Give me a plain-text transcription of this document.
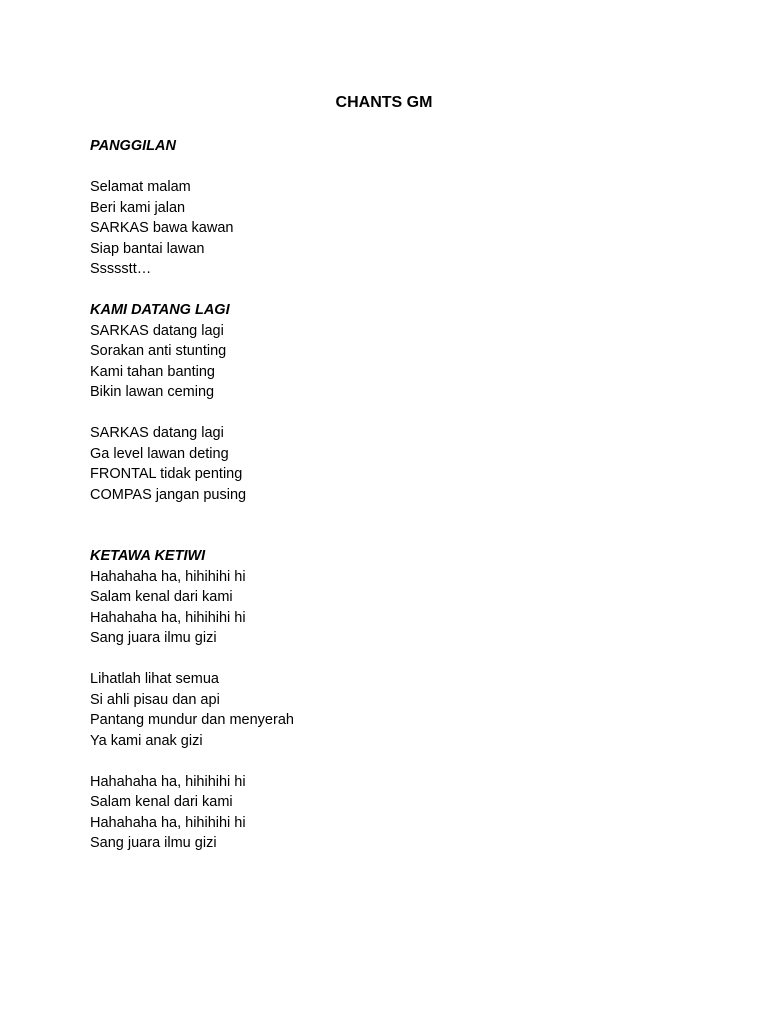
CHANTS GM
PANGGILAN
Selamat malam
Beri kami jalan
SARKAS bawa kawan
Siap bantai lawan
Ssssstt…
KAMI DATANG LAGI
SARKAS datang lagi
Sorakan anti stunting
Kami tahan banting
Bikin lawan ceming
SARKAS datang lagi
Ga level lawan deting
FRONTAL tidak penting
COMPAS jangan pusing
KETAWA KETIWI
Hahahaha ha, hihihihi hi
Salam kenal dari kami
Hahahaha ha, hihihihi hi
Sang juara ilmu gizi
Lihatlah lihat semua
Si ahli pisau dan api
Pantang mundur dan menyerah
Ya kami anak gizi
Hahahaha ha, hihihihi hi
Salam kenal dari kami
Hahahaha ha, hihihihi hi
Sang juara ilmu gizi
